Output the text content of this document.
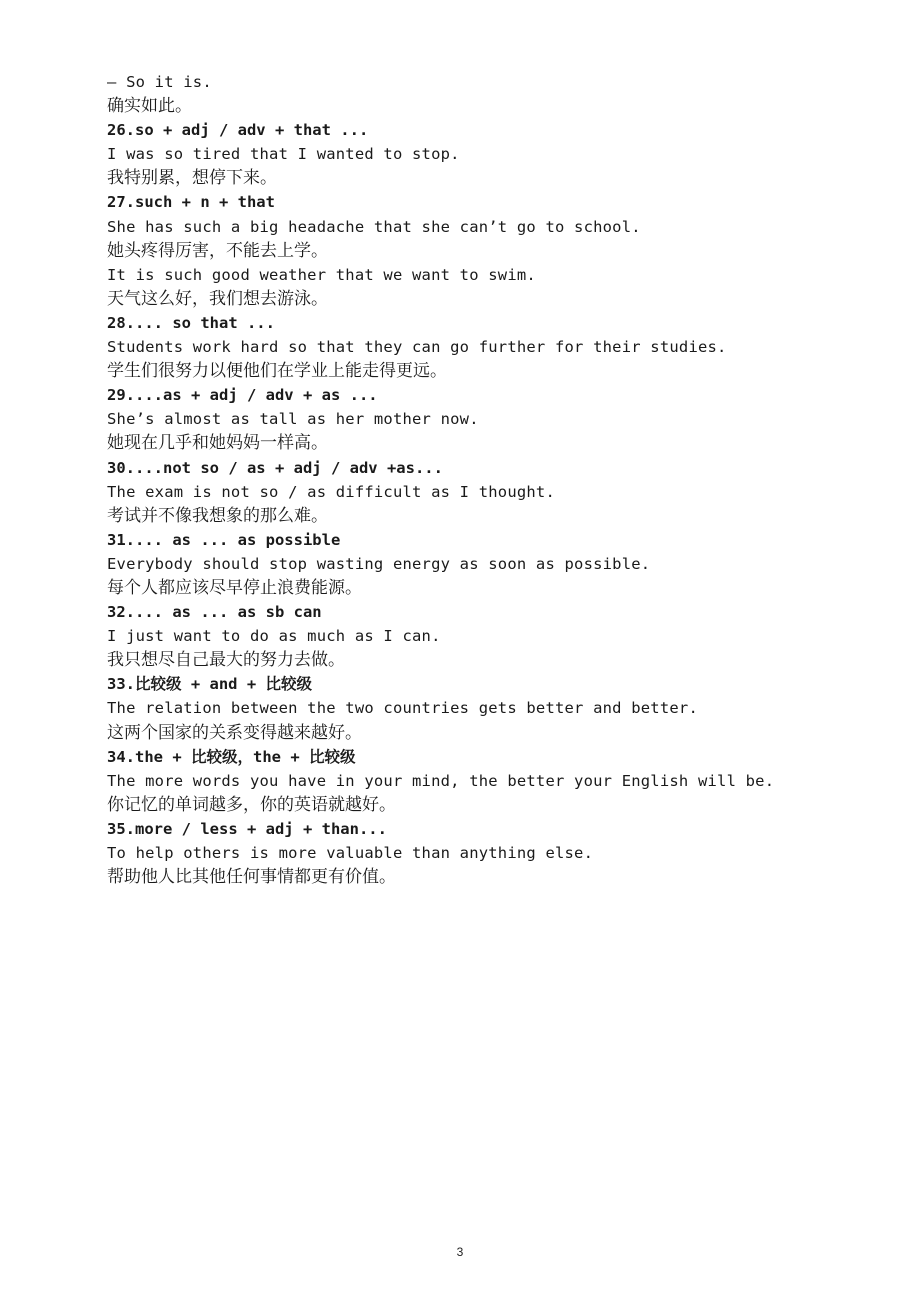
— So it is.
确实如此。
26.so + adj / adv + that ...
I was so tired that I wanted to stop.
我特别累，想停下来。
27.such + n + that
She has such a big headache that she can’t go to school.
她头疼得厉害，不能去上学。
It is such good weather that we want to swim.
天气这么好，我们想去游泳。
28.... so that ...
Students work hard so that they can go further for their studies.
学生们很努力以便他们在学业上能走得更远。
29....as + adj / adv + as ...
She’s almost as tall as her mother now.
她现在几乎和她妈妈一样高。
30....not so / as + adj / adv +as...
The exam is not so / as difficult as I thought.
考试并不像我想象的那么难。
31.... as ... as possible
Everybody should stop wasting energy as soon as possible.
每个人都应该尽早停止浪费能源。
32.... as ... as sb can
I just want to do as much as I can.
我只想尽自己最大的努力去做。
33.比较级 + and + 比较级
The relation between the two countries gets better and better.
这两个国家的关系变得越来越好。
34.the + 比较级，the + 比较级
The more words you have in your mind, the better your English will be.
你记忆的单词越多，你的英语就越好。
35.more / less + adj + than...
To help others is more valuable than anything else.
帮助他人比其他任何事情都更有价值。
3
